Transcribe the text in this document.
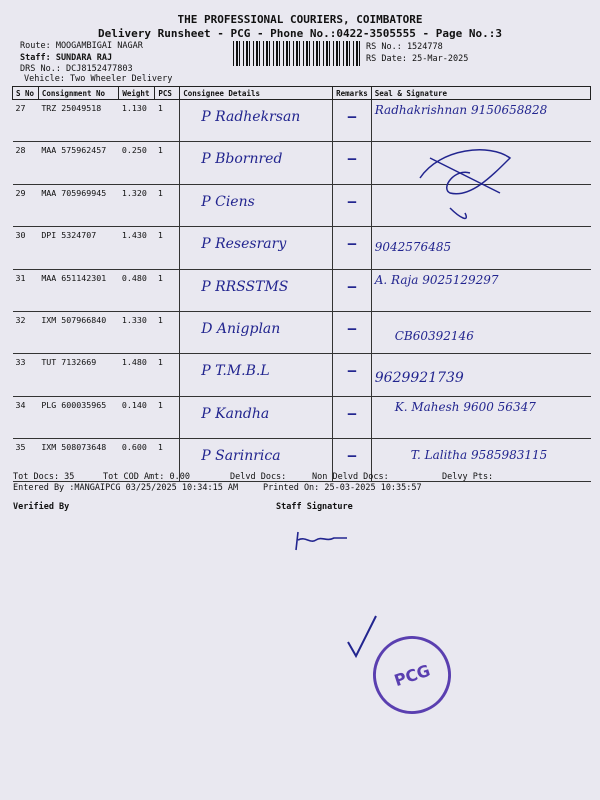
THE PROFESSIONAL COURIERS, COIMBATORE
Delivery Runsheet - PCG - Phone No.:0422-3505555 - Page No.:3
Route: MOOGAMBIGAI NAGAR
Staff: SUNDARA RAJ
DRS No.: DCJ8152477803
Vehicle: Two Wheeler Delivery
RS No.: 1524778
RS Date: 25-Mar-2025
S No	Consignment No	Weight	PCS	Consignee Details	Remarks	Seal & Signature
27	TRZ 25049518	1.130	1	P Radhekrsan	—	Radhakrishnan 9150658828

28	MAA 575962457	0.250	1	P Bbornred	—	

29	MAA 705969945	1.320	1	P Ciens	—	

30	DPI 5324707	1.430	1	P Resesrary	—	9042576485

31	MAA 651142301	0.480	1	P RRSSTMS	—	A. Raja 9025129297

32	IXM 507966840	1.330	1	D Anigplan	—	CB60392146

33	TUT 7132669	1.480	1	P T.M.B.L	—	9629921739

34	PLG 600035965	0.140	1	P Kandha	—	K. Mahesh 9600 56347

35	IXM 508073648	0.600	1	P Sarinrica	—	T. Lalitha 9585983115
PCG
Tot Docs: 35	Tot COD Amt: 0.00	Delvd Docs:	Non Delvd Docs:	Delvy Pts:
Entered By :MANGAIPCG 03/25/2025 10:34:15 AM	Printed On: 25-03-2025 10:35:57
Verified By	Staff Signature
